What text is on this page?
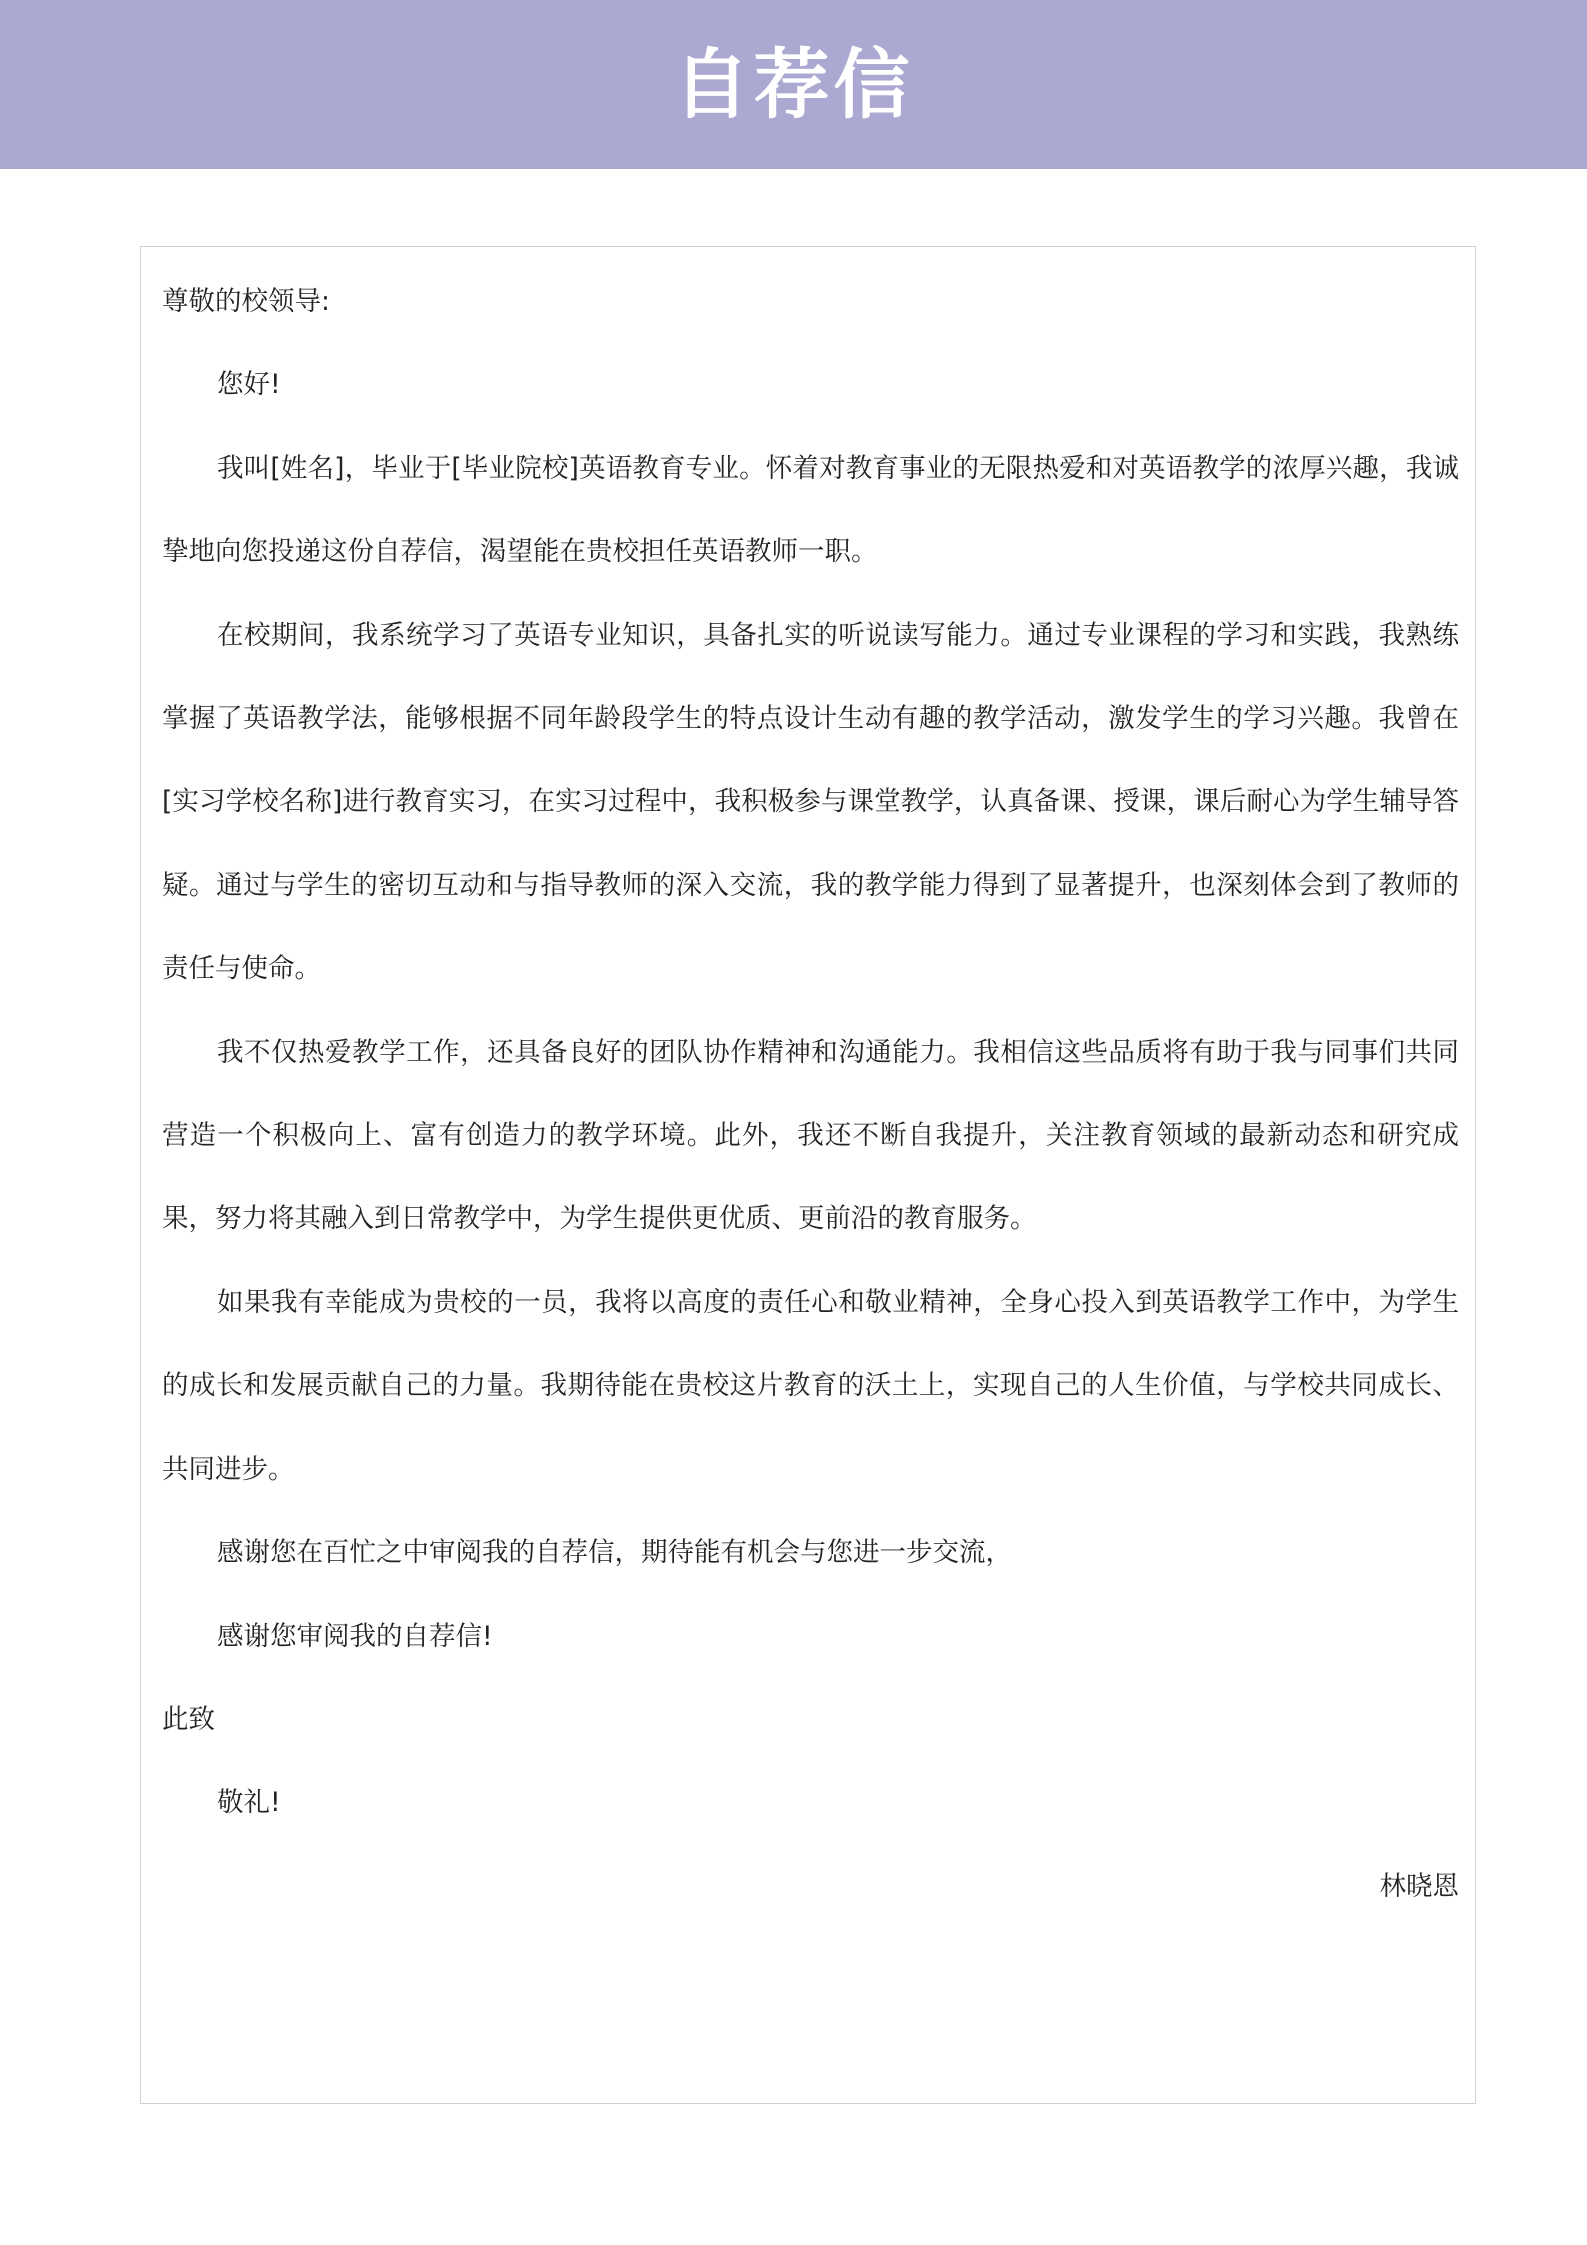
自荐信

尊敬的校领导:

您好!

我叫[姓名]，毕业于[毕业院校]英语教育专业。怀着对教育事业的无限热爱和对英语教学的浓厚兴趣，我诚挚地向您投递这份自荐信，渴望能在贵校担任英语教师一职。

在校期间，我系统学习了英语专业知识，具备扎实的听说读写能力。通过专业课程的学习和实践，我熟练掌握了英语教学法，能够根据不同年龄段学生的特点设计生动有趣的教学活动，激发学生的学习兴趣。我曾在[实习学校名称]进行教育实习，在实习过程中，我积极参与课堂教学，认真备课、授课，课后耐心为学生辅导答疑。通过与学生的密切互动和与指导教师的深入交流，我的教学能力得到了显著提升，也深刻体会到了教师的责任与使命。

我不仅热爱教学工作，还具备良好的团队协作精神和沟通能力。我相信这些品质将有助于我与同事们共同营造一个积极向上、富有创造力的教学环境。此外，我还不断自我提升，关注教育领域的最新动态和研究成果，努力将其融入到日常教学中，为学生提供更优质、更前沿的教育服务。

如果我有幸能成为贵校的一员，我将以高度的责任心和敬业精神，全身心投入到英语教学工作中，为学生的成长和发展贡献自己的力量。我期待能在贵校这片教育的沃土上，实现自己的人生价值，与学校共同成长、共同进步。

感谢您在百忙之中审阅我的自荐信，期待能有机会与您进一步交流，

感谢您审阅我的自荐信!

此致

敬礼!

林晓恩
